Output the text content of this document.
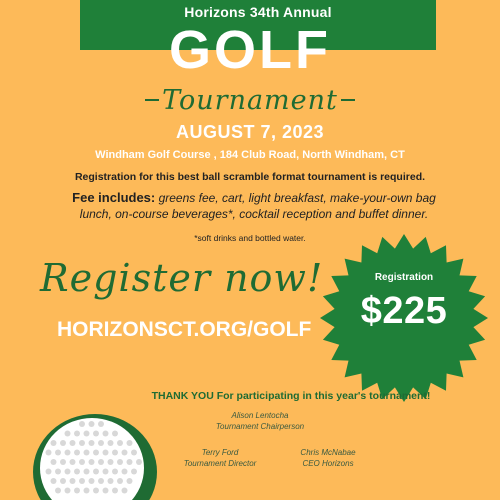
Horizons 34th Annual
GOLF
Tournament
AUGUST 7, 2023
Windham Golf Course , 184 Club Road, North Windham, CT
Registration for this best ball scramble format tournament is required.
Fee includes: greens fee, cart, light breakfast, make-your-own bag lunch, on-course beverages*, cocktail reception and buffet dinner.
*soft drinks and bottled water.
Register now!
HORIZONSCT.ORG/GOLF
Registration
$225
THANK YOU For participating in this year's tournament!
Alison Lentocha
Tournament Chairperson
Terry Ford
Tournament Director
Chris McNabae
CEO Horizons
